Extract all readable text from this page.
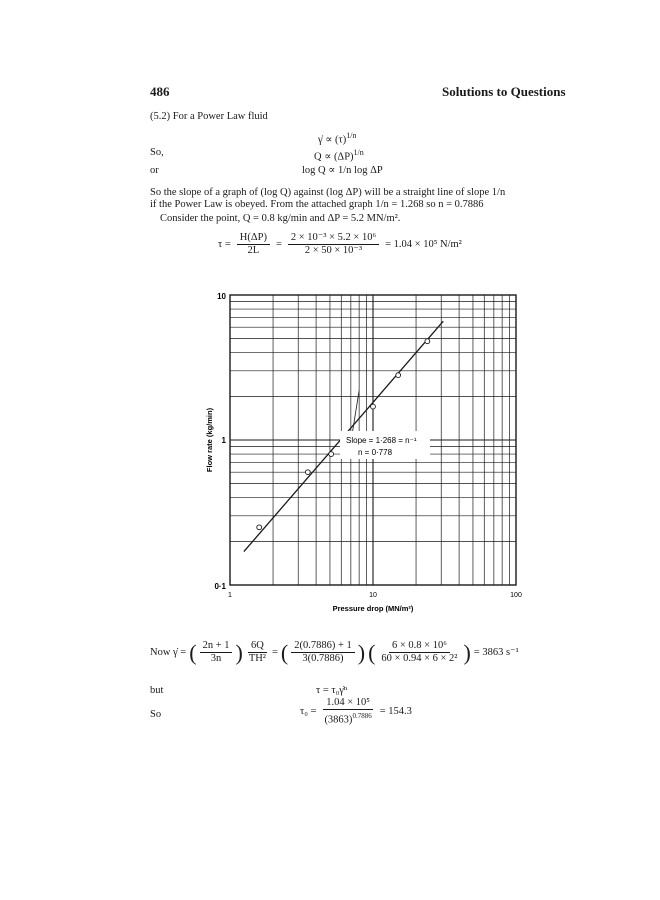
486	Solutions to Questions
(5.2) For a Power Law fluid
γ̇ ∝ $(\tau)^{1/n}$
So,	$Q \propto (\Delta P)^{1/n}$
or	log Q ∝ 1/n log ΔP
So the slope of a graph of (log Q) against (log ΔP) will be a straight line of slope 1/n
if the Power Law is obeyed. From the attached graph 1/n = 1.268 so n = 0.7886
Consider the point, Q = 0.8 kg/min and ΔP = 5.2 MN/m².
$\tau = \frac{H(\Delta P)}{2L} = \frac{\text{2 × 10⁻³ × 5.2 × 10⁶}}{\text{2 × 50 × 10⁻³}} = 1.04 \times 10^5$ N/m²
Slope = 1·268 = n⁻¹
n = 0·778
10
1
0·1
1	10	100
Pressure drop (MN/m²)
Flow rate (kg/min)
Now γ̇ = ( $\frac{2n + 1}{3n}$ ) $\frac{6Q}{\text{TH²}}$ = ( $\frac{2(0.7886) + 1}{3(0.7886)}$ ) ( $\frac{\text{6 × 0.8 × 10⁶}}{\text{60 × 0.94 × 6 × 2²}}$ ) = 3863 s⁻¹
but	τ = τ₀γ̇ⁿ
So	$\tau_0 = \frac{\text{1.04 × 10⁵}}{(3863)^{0.7886}} = 154.3$
